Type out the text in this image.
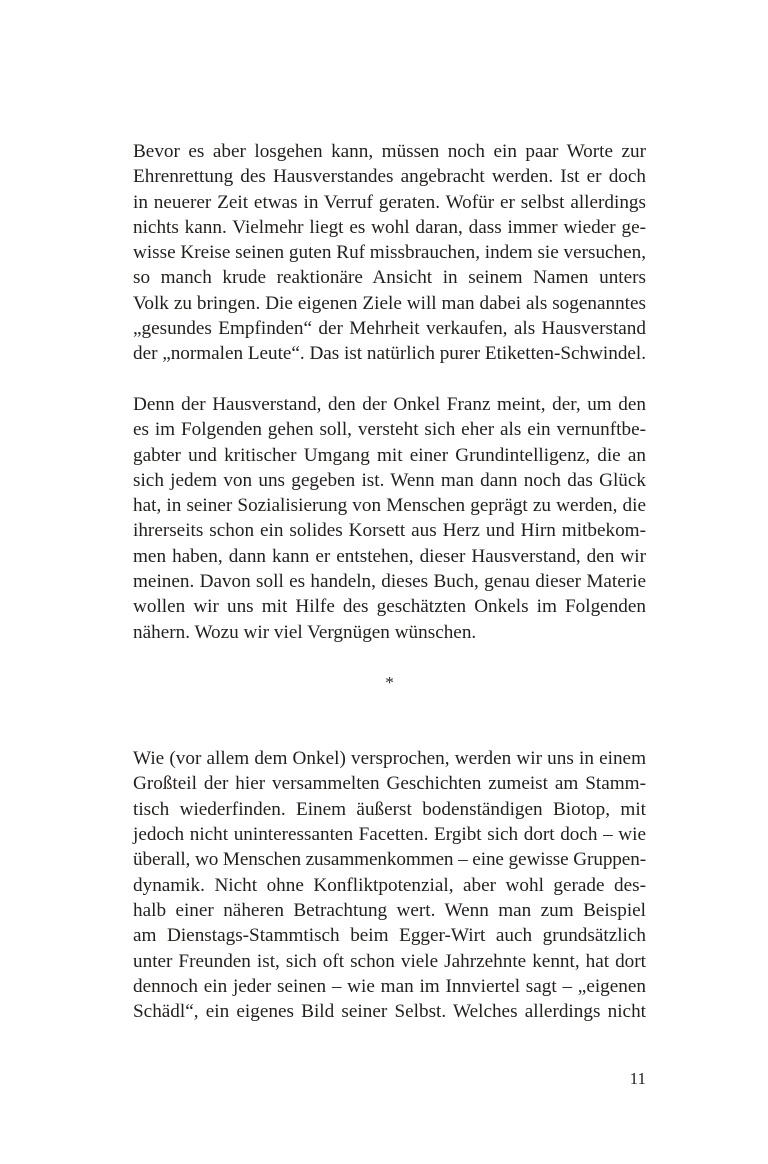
Bevor es aber losgehen kann, müssen noch ein paar Worte zur
Ehrenrettung des Hausverstandes angebracht werden. Ist er doch
in neuerer Zeit etwas in Verruf geraten. Wofür er selbst allerdings
nichts kann. Vielmehr liegt es wohl daran, dass immer wieder ge-
wisse Kreise seinen guten Ruf missbrauchen, indem sie versuchen,
so manch krude reaktionäre Ansicht in seinem Namen unters
Volk zu bringen. Die eigenen Ziele will man dabei als sogenanntes
„gesundes Empfinden“ der Mehrheit verkaufen, als Hausverstand
der „normalen Leute“. Das ist natürlich purer Etiketten-Schwindel.
Denn der Hausverstand, den der Onkel Franz meint, der, um den
es im Folgenden gehen soll, versteht sich eher als ein vernunftbe-
gabter und kritischer Umgang mit einer Grundintelligenz, die an
sich jedem von uns gegeben ist. Wenn man dann noch das Glück
hat, in seiner Sozialisierung von Menschen geprägt zu werden, die
ihrerseits schon ein solides Korsett aus Herz und Hirn mitbekom-
men haben, dann kann er entstehen, dieser Hausverstand, den wir
meinen. Davon soll es handeln, dieses Buch, genau dieser Materie
wollen wir uns mit Hilfe des geschätzten Onkels im Folgenden
nähern. Wozu wir viel Vergnügen wünschen.
*
Wie (vor allem dem Onkel) versprochen, werden wir uns in einem
Großteil der hier versammelten Geschichten zumeist am Stamm-
tisch wiederfinden. Einem äußerst bodenständigen Biotop, mit
jedoch nicht uninteressanten Facetten. Ergibt sich dort doch – wie
überall, wo Menschen zusammenkommen – eine gewisse Gruppen-
dynamik. Nicht ohne Konfliktpotenzial, aber wohl gerade des-
halb einer näheren Betrachtung wert. Wenn man zum Beispiel
am Dienstags-Stammtisch beim Egger-Wirt auch grundsätzlich
unter Freunden ist, sich oft schon viele Jahrzehnte kennt, hat dort
dennoch ein jeder seinen – wie man im Innviertel sagt – „eigenen
Schädl“, ein eigenes Bild seiner Selbst. Welches allerdings nicht
11
